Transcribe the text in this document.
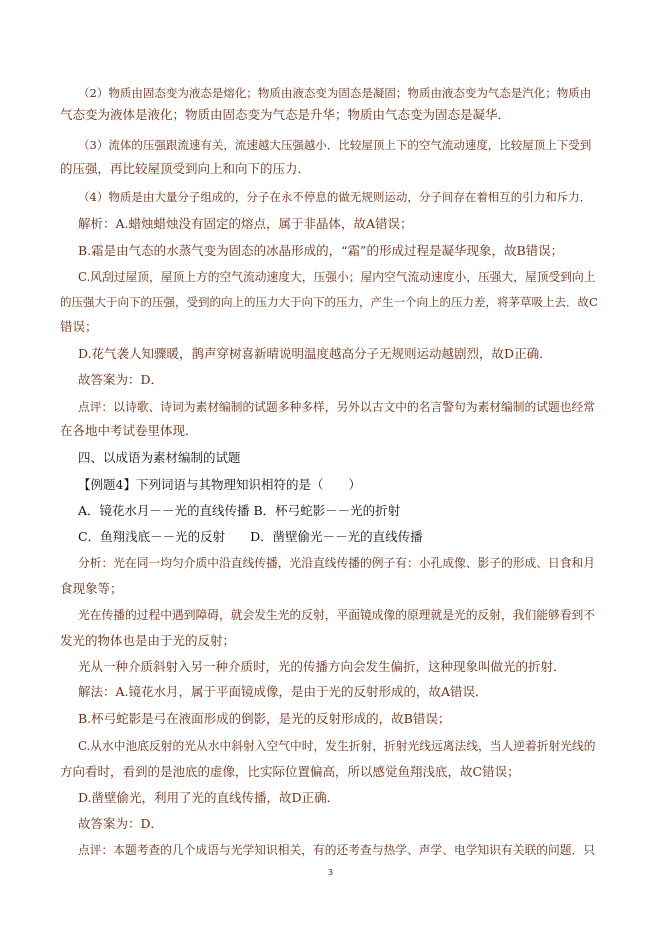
（2）物质由固态变为液态是熔化；物质由液态变为固态是凝固；物质由液态变为气态是汽化；物质由
气态变为液体是液化；物质由固态变为气态是升华；物质由气态变为固态是凝华．
（3）流体的压强跟流速有关，流速越大压强越小．比较屋顶上下的空气流动速度，比较屋顶上下受到
的压强，再比较屋顶受到向上和向下的压力．
（4）物质是由大量分子组成的，分子在永不停息的做无规则运动，分子间存在着相互的引力和斥力．
解析：A.蜡烛蜡烛没有固定的熔点，属于非晶体，故A错误；
B.霜是由气态的水蒸气变为固态的冰晶形成的，“霜”的形成过程是凝华现象，故B错误；
C.风刮过屋顶，屋顶上方的空气流动速度大，压强小；屋内空气流动速度小，压强大，屋顶受到向上
的压强大于向下的压强，受到的向上的压力大于向下的压力，产生一个向上的压力差，将茅草吸上去．故C
错误；
D.花气袭人知骤暖，鹊声穿树喜新晴说明温度越高分子无规则运动越剧烈，故D正确．
故答案为：D．
点评：以诗歌、诗词为素材编制的试题多种多样，另外以古文中的名言警句为素材编制的试题也经常
在各地中考试卷里体现．
四、以成语为素材编制的试题
【例题4】下列词语与其物理知识相符的是（　　）
A．镜花水月－－光的直线传播 B．杯弓蛇影－－光的折射
C．鱼翔浅底－－光的反射　　D．凿壁偷光－－光的直线传播
分析：光在同一均匀介质中沿直线传播，光沿直线传播的例子有：小孔成像、影子的形成、日食和月
食现象等；
光在传播的过程中遇到障碍，就会发生光的反射，平面镜成像的原理就是光的反射，我们能够看到不
发光的物体也是由于光的反射；
光从一种介质斜射入另一种介质时，光的传播方向会发生偏折，这种现象叫做光的折射．
解法：A.镜花水月，属于平面镜成像，是由于光的反射形成的，故A错误．
B.杯弓蛇影是弓在液面形成的倒影，是光的反射形成的，故B错误；
C.从水中池底反射的光从水中斜射入空气中时，发生折射，折射光线远离法线，当人逆着折射光线的
方向看时，看到的是池底的虚像，比实际位置偏高，所以感觉鱼翔浅底，故C错误；
D.凿壁偷光，利用了光的直线传播，故D正确．
故答案为：D．
点评：本题考查的几个成语与光学知识相关，有的还考查与热学、声学、电学知识有关联的问题．只
3
